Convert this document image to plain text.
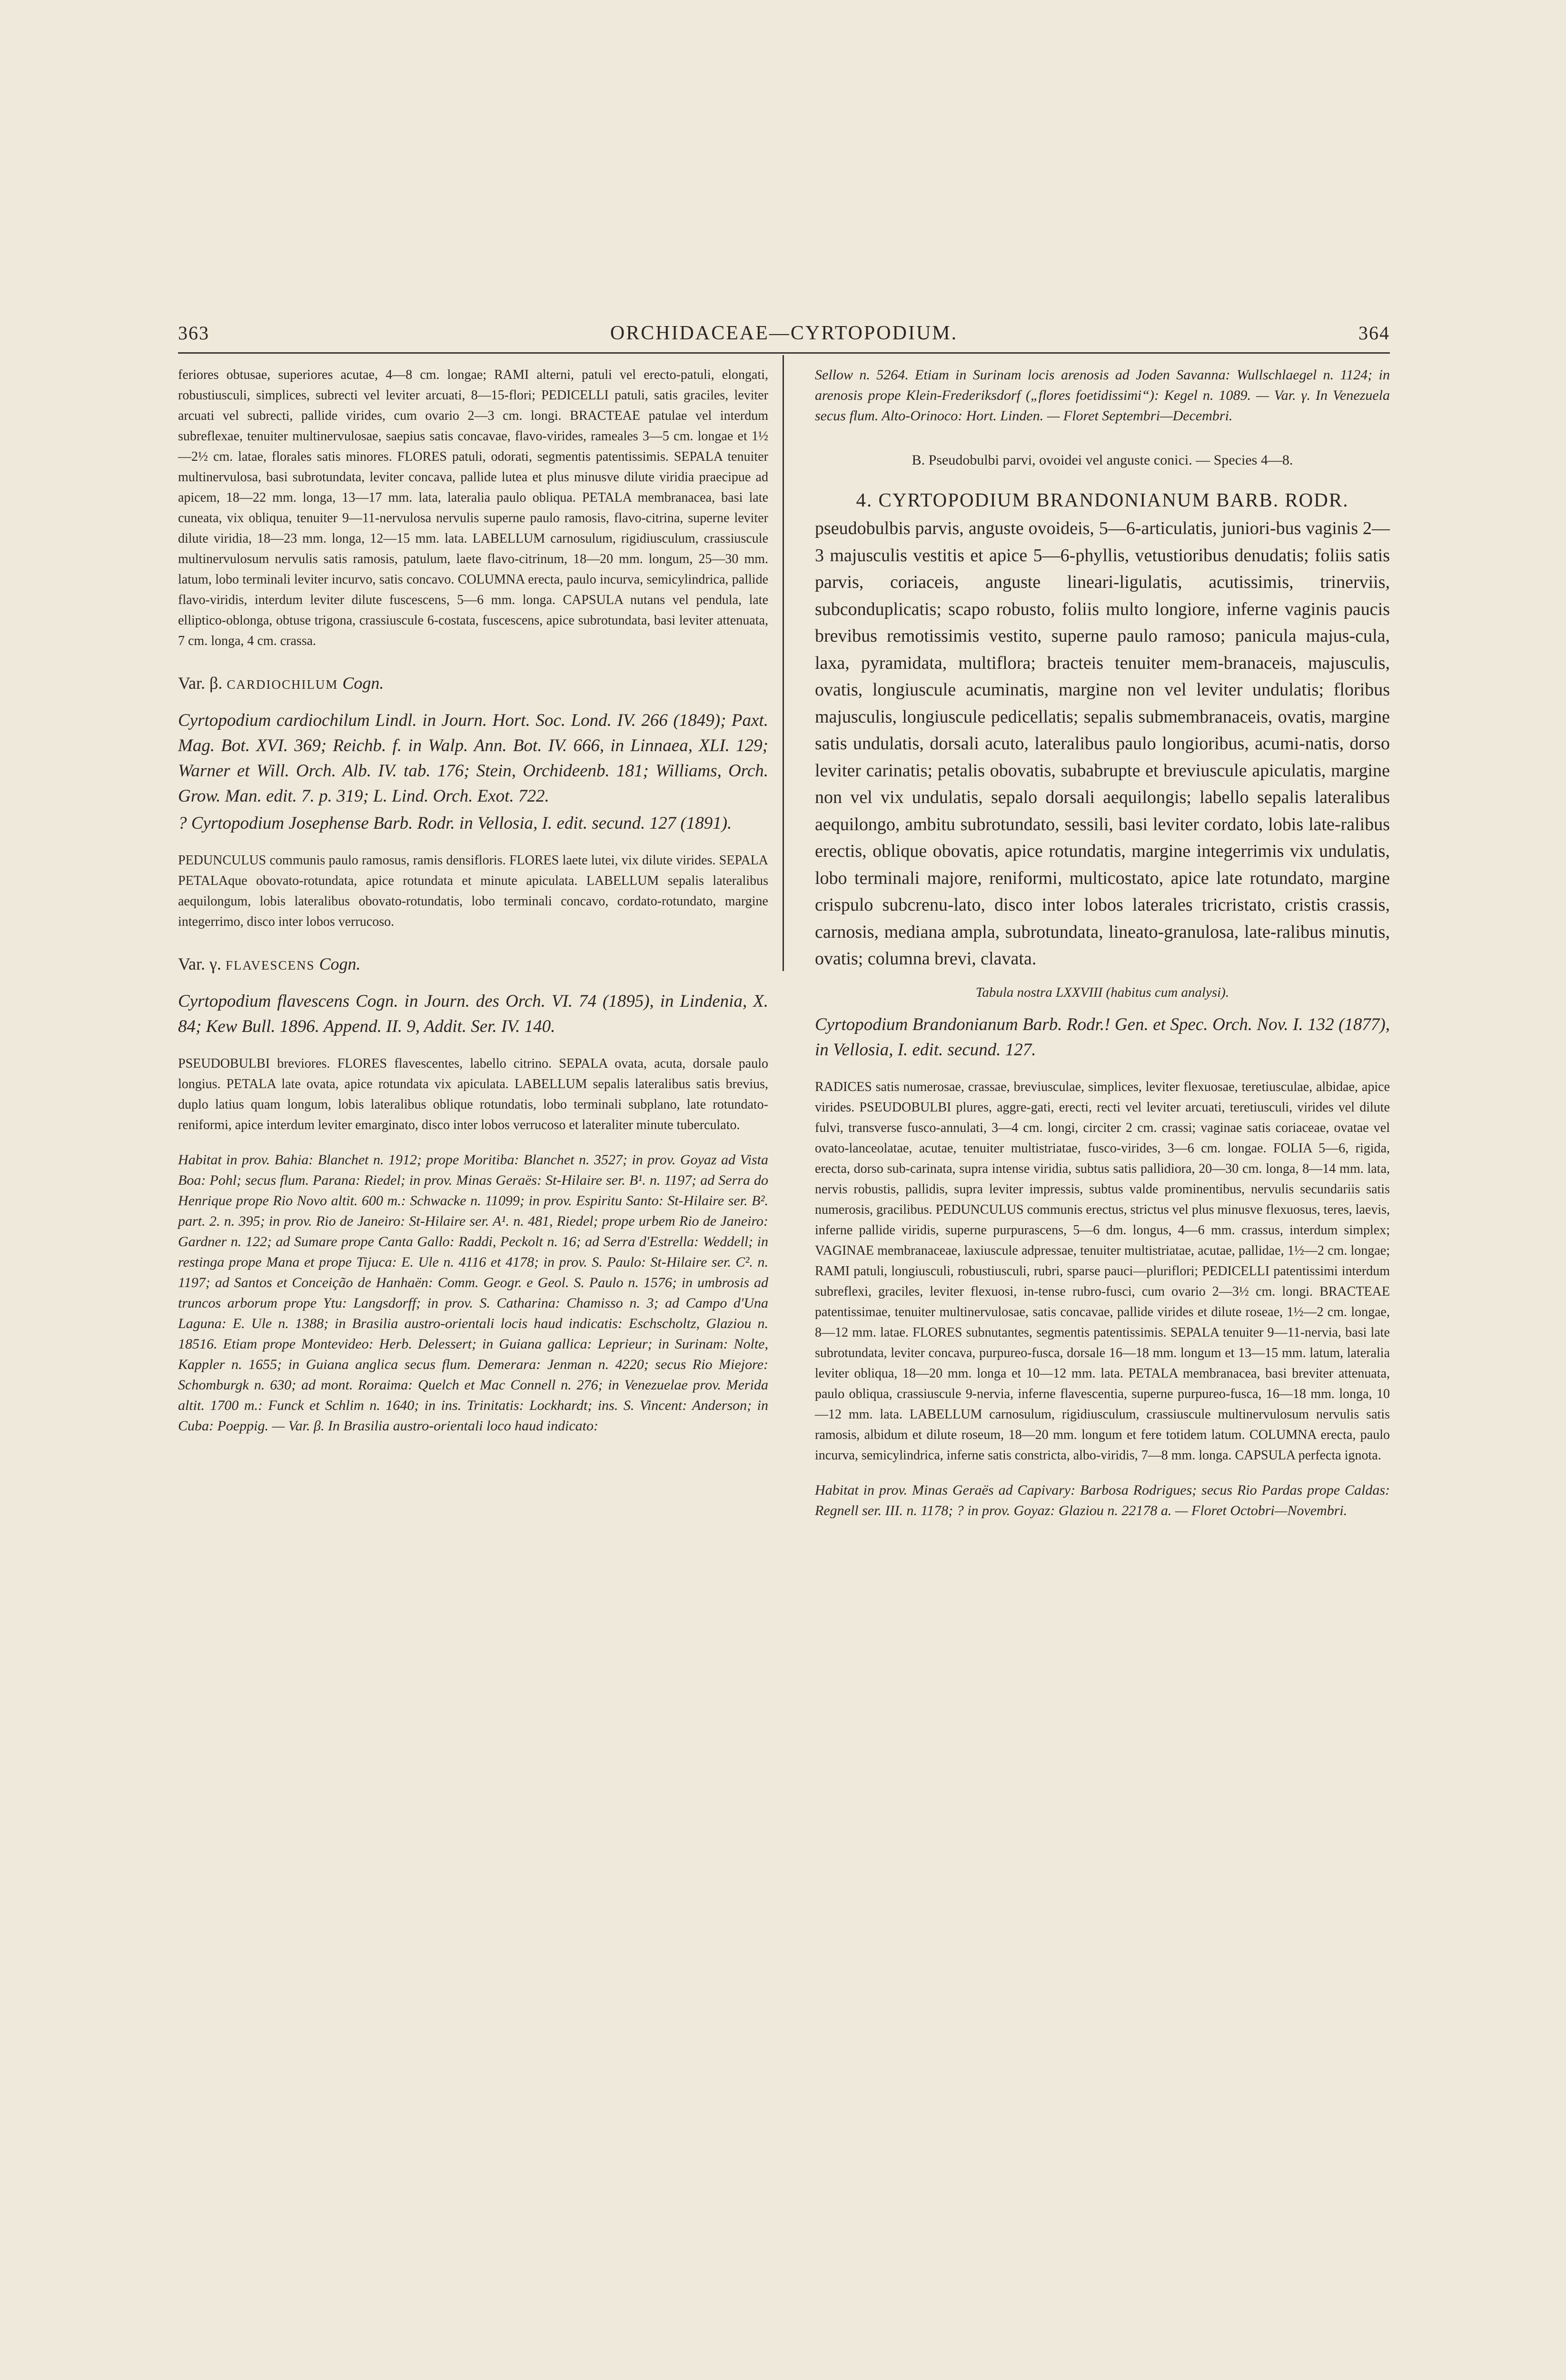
363	ORCHIDACEAE—CYRTOPODIUM.	364

feriores obtusae, superiores acutae, 4—8 cm. longae; RAMI alterni, patuli vel erecto-patuli, elongati, robustiusculi, simplices, subrecti vel leviter arcuati, 8—15-flori; PEDICELLI patuli, satis graciles, leviter arcuati vel subrecti, pallide virides, cum ovario 2—3 cm. longi. BRACTEAE patulae vel interdum subreflexae, tenuiter multinervulosae, saepius satis concavae, flavo-virides, rameales 3—5 cm. longae et 1½—2½ cm. latae, florales satis minores. FLORES patuli, odorati, segmentis patentissimis. SEPALA tenuiter multinervulosa, basi subrotundata, leviter concava, pallide lutea et plus minusve dilute viridia praecipue ad apicem, 18—22 mm. longa, 13—17 mm. lata, lateralia paulo obliqua. PETALA membranacea, basi late cuneata, vix obliqua, tenuiter 9—11-nervulosa nervulis superne paulo ramosis, flavo-citrina, superne leviter dilute viridia, 18—23 mm. longa, 12—15 mm. lata. LABELLUM carnosulum, rigidiusculum, crassiuscule multinervulosum nervulis satis ramosis, patulum, laete flavo-citrinum, 18—20 mm. longum, 25—30 mm. latum, lobo terminali leviter incurvo, satis concavo. COLUMNA erecta, paulo incurva, semicylindrica, pallide flavo-viridis, interdum leviter dilute fuscescens, 5—6 mm. longa. CAPSULA nutans vel pendula, late elliptico-oblonga, obtuse trigona, crassiuscule 6-costata, fuscescens, apice subrotundata, basi leviter attenuata, 7 cm. longa, 4 cm. crassa.

Var. β. CARDIOCHILUM Cogn.

Cyrtopodium cardiochilum Lindl. in Journ. Hort. Soc. Lond. IV. 266 (1849); Paxt. Mag. Bot. XVI. 369; Reichb. f. in Walp. Ann. Bot. IV. 666, in Linnaea, XLI. 129; Warner et Will. Orch. Alb. IV. tab. 176; Stein, Orchideenb. 181; Williams, Orch. Grow. Man. edit. 7. p. 319; L. Lind. Orch. Exot. 722.

? Cyrtopodium Josephense Barb. Rodr. in Vellosia, I. edit. secund. 127 (1891).

PEDUNCULUS communis paulo ramosus, ramis densifloris. FLORES laete lutei, vix dilute virides. SEPALA PETALAque obovato-rotundata, apice rotundata et minute apiculata. LABELLUM sepalis lateralibus aequilongum, lobis lateralibus obovato-rotundatis, lobo terminali concavo, cordato-rotundato, margine integerrimo, disco inter lobos verrucoso.

Var. γ. FLAVESCENS Cogn.

Cyrtopodium flavescens Cogn. in Journ. des Orch. VI. 74 (1895), in Lindenia, X. 84; Kew Bull. 1896. Append. II. 9, Addit. Ser. IV. 140.

PSEUDOBULBI breviores. FLORES flavescentes, labello citrino. SEPALA ovata, acuta, dorsale paulo longius. PETALA late ovata, apice rotundata vix apiculata. LABELLUM sepalis lateralibus satis brevius, duplo latius quam longum, lobis lateralibus oblique rotundatis, lobo terminali subplano, late rotundato-reniformi, apice interdum leviter emarginato, disco inter lobos verrucoso et lateraliter minute tuberculato.

Habitat in prov. Bahia: Blanchet n. 1912; prope Moritiba: Blanchet n. 3527; in prov. Goyaz ad Vista Boa: Pohl; secus flum. Parana: Riedel; in prov. Minas Geraës: St-Hilaire ser. B¹. n. 1197; ad Serra do Henrique prope Rio Novo altit. 600 m.: Schwacke n. 11099; in prov. Espiritu Santo: St-Hilaire ser. B². part. 2. n. 395; in prov. Rio de Janeiro: St-Hilaire ser. A¹. n. 481, Riedel; prope urbem Rio de Janeiro: Gardner n. 122; ad Sumare prope Canta Gallo: Raddi, Peckolt n. 16; ad Serra d'Estrella: Weddell; in restinga prope Mana et prope Tijuca: E. Ule n. 4116 et 4178; in prov. S. Paulo: St-Hilaire ser. C². n. 1197; ad Santos et Conceição de Hanhaën: Comm. Geogr. e Geol. S. Paulo n. 1576; in umbrosis ad truncos arborum prope Ytu: Langsdorff; in prov. S. Catharina: Chamisso n. 3; ad Campo d'Una Laguna: E. Ule n. 1388; in Brasilia austro-orientali locis haud indicatis: Eschscholtz, Glaziou n. 18516. Etiam prope Montevideo: Herb. Delessert; in Guiana gallica: Leprieur; in Surinam: Nolte, Kappler n. 1655; in Guiana anglica secus flum. Demerara: Jenman n. 4220; secus Rio Miejore: Schomburgk n. 630; ad mont. Roraima: Quelch et Mac Connell n. 276; in Venezuelae prov. Merida altit. 1700 m.: Funck et Schlim n. 1640; in ins. Trinitatis: Lockhardt; ins. S. Vincent: Anderson; in Cuba: Poeppig. — Var. β. In Brasilia austro-orientali loco haud indicato:

Sellow n. 5264. Etiam in Surinam locis arenosis ad Joden Savanna: Wullschlaegel n. 1124; in arenosis prope Klein-Frederiksdorf („flores foetidissimi“): Kegel n. 1089. — Var. γ. In Venezuela secus flum. Alto-Orinoco: Hort. Linden. — Floret Septembri—Decembri.

B. Pseudobulbi parvi, ovoidei vel anguste conici. — Species 4—8.

4. CYRTOPODIUM BRANDONIANUM BARB. RODR.

pseudobulbis parvis, anguste ovoideis, 5—6-articulatis, juniori-bus vaginis 2—3 majusculis vestitis et apice 5—6-phyllis, vetustioribus denudatis; foliis satis parvis, coriaceis, anguste lineari-ligulatis, acutissimis, trinerviis, subconduplicatis; scapo robusto, foliis multo longiore, inferne vaginis paucis brevibus remotissimis vestito, superne paulo ramoso; panicula majus-cula, laxa, pyramidata, multiflora; bracteis tenuiter mem-branaceis, majusculis, ovatis, longiuscule acuminatis, margine non vel leviter undulatis; floribus majusculis, longiuscule pedicellatis; sepalis submembranaceis, ovatis, margine satis undulatis, dorsali acuto, lateralibus paulo longioribus, acumi-natis, dorso leviter carinatis; petalis obovatis, subabrupte et breviuscule apiculatis, margine non vel vix undulatis, sepalo dorsali aequilongis; labello sepalis lateralibus aequilongo, ambitu subrotundato, sessili, basi leviter cordato, lobis late-ralibus erectis, oblique obovatis, apice rotundatis, margine integerrimis vix undulatis, lobo terminali majore, reniformi, multicostato, apice late rotundato, margine crispulo subcrenu-lato, disco inter lobos laterales tricristato, cristis crassis, carnosis, mediana ampla, subrotundata, lineato-granulosa, late-ralibus minutis, ovatis; columna brevi, clavata.

Tabula nostra LXXVIII (habitus cum analysi).

Cyrtopodium Brandonianum Barb. Rodr.! Gen. et Spec. Orch. Nov. I. 132 (1877), in Vellosia, I. edit. secund. 127.

RADICES satis numerosae, crassae, breviusculae, simplices, leviter flexuosae, teretiusculae, albidae, apice virides. PSEUDOBULBI plures, aggre-gati, erecti, recti vel leviter arcuati, teretiusculi, virides vel dilute fulvi, transverse fusco-annulati, 3—4 cm. longi, circiter 2 cm. crassi; vaginae satis coriaceae, ovatae vel ovato-lanceolatae, acutae, tenuiter multistriatae, fusco-virides, 3—6 cm. longae. FOLIA 5—6, rigida, erecta, dorso sub-carinata, supra intense viridia, subtus satis pallidiora, 20—30 cm. longa, 8—14 mm. lata, nervis robustis, pallidis, supra leviter impressis, subtus valde prominentibus, nervulis secundariis satis numerosis, gracilibus. PEDUNCULUS communis erectus, strictus vel plus minusve flexuosus, teres, laevis, inferne pallide viridis, superne purpurascens, 5—6 dm. longus, 4—6 mm. crassus, interdum simplex; VAGINAE membranaceae, laxiuscule adpressae, tenuiter multistriatae, acutae, pallidae, 1½—2 cm. longae; RAMI patuli, longiusculi, robustiusculi, rubri, sparse pauci—pluriflori; PEDICELLI patentissimi interdum subreflexi, graciles, leviter flexuosi, in-tense rubro-fusci, cum ovario 2—3½ cm. longi. BRACTEAE patentissimae, tenuiter multinervulosae, satis concavae, pallide virides et dilute roseae, 1½—2 cm. longae, 8—12 mm. latae. FLORES subnutantes, segmentis patentissimis. SEPALA tenuiter 9—11-nervia, basi late subrotundata, leviter concava, purpureo-fusca, dorsale 16—18 mm. longum et 13—15 mm. latum, lateralia leviter obliqua, 18—20 mm. longa et 10—12 mm. lata. PETALA membranacea, basi breviter attenuata, paulo obliqua, crassiuscule 9-nervia, inferne flavescentia, superne purpureo-fusca, 16—18 mm. longa, 10—12 mm. lata. LABELLUM carnosulum, rigidiusculum, crassiuscule multinervulosum nervulis satis ramosis, albidum et dilute roseum, 18—20 mm. longum et fere totidem latum. COLUMNA erecta, paulo incurva, semicylindrica, inferne satis constricta, albo-viridis, 7—8 mm. longa. CAPSULA perfecta ignota.

Habitat in prov. Minas Geraës ad Capivary: Barbosa Rodrigues; secus Rio Pardas prope Caldas: Regnell ser. III. n. 1178; ? in prov. Goyaz: Glaziou n. 22178 a. — Floret Octobri—Novembri.
